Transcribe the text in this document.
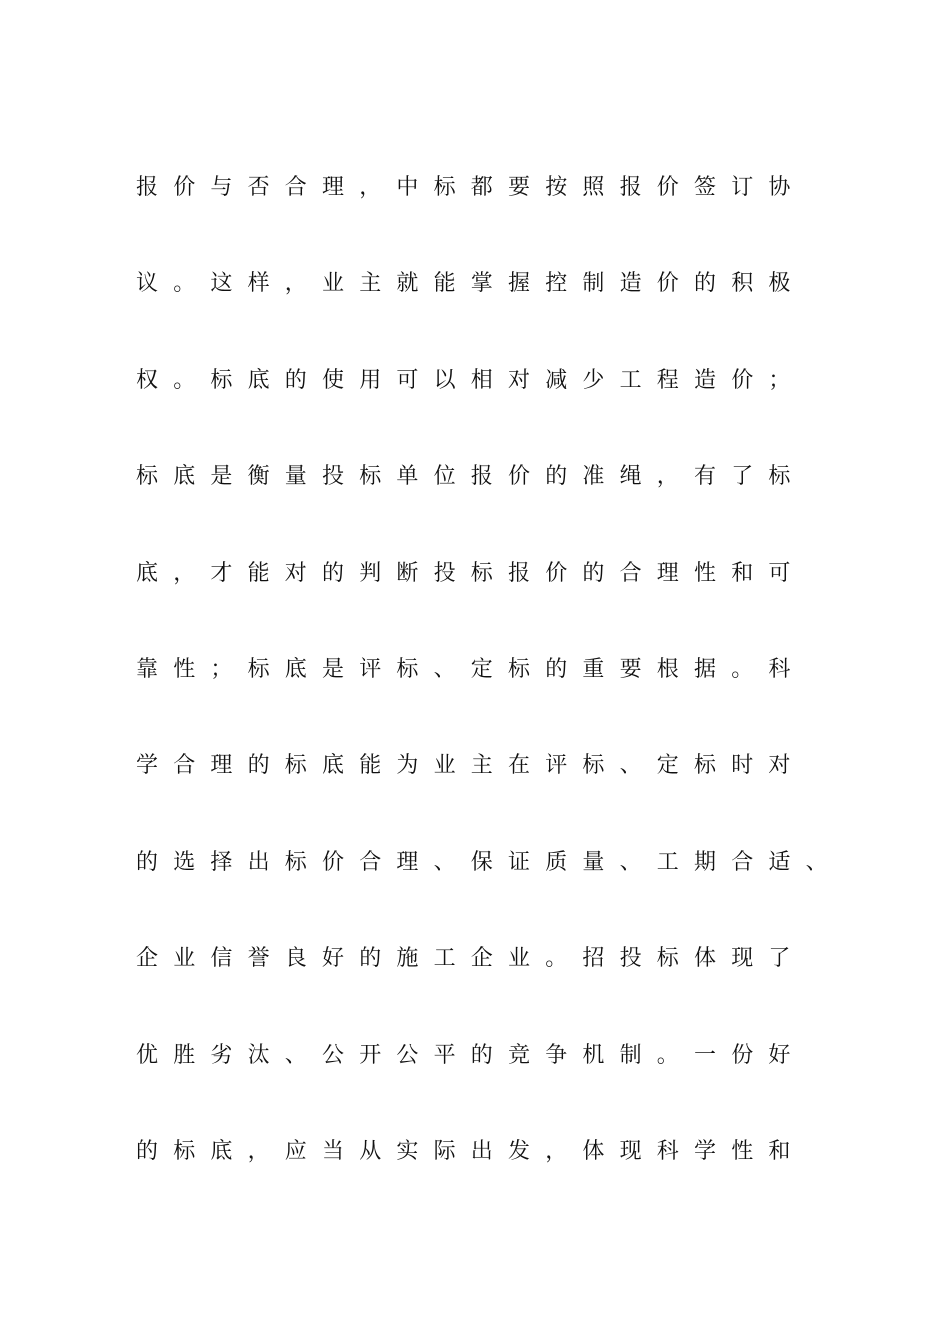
报价与否合理，中标都要按照报价签订协
议。这样，业主就能掌握控制造价的积极
权。标底的使用可以相对减少工程造价；
标底是衡量投标单位报价的准绳，有了标
底，才能对的判断投标报价的合理性和可
靠性；标底是评标、定标的重要根据。科
学合理的标底能为业主在评标、定标时对
的选择出标价合理、保证质量、工期合适、
企业信誉良好的施工企业。招投标体现了
优胜劣汰、公开公平的竞争机制。一份好
的标底，应当从实际出发，体现科学性和
